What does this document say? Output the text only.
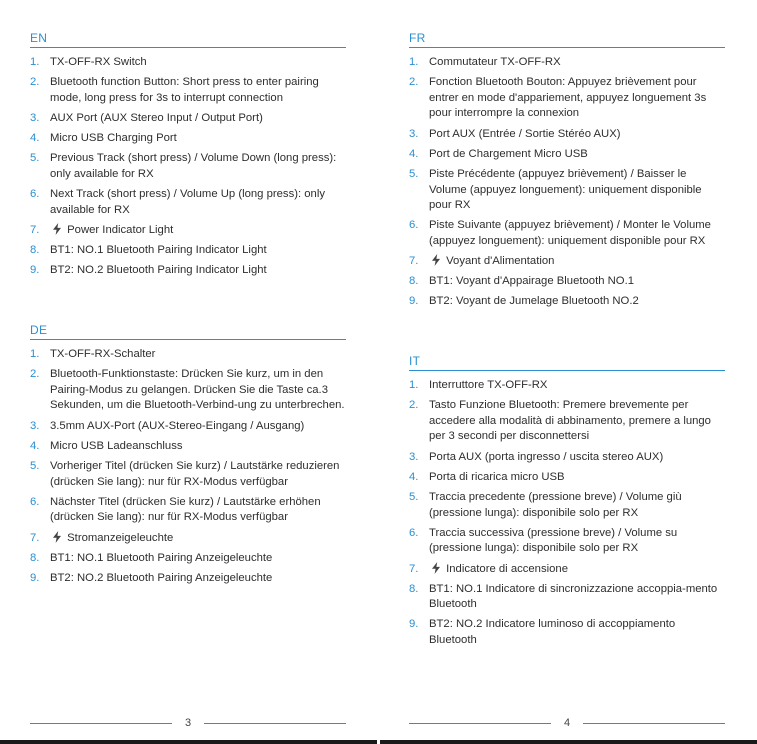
EN
1. TX-OFF-RX Switch
2. Bluetooth function Button: Short press to enter pairing mode, long press for 3s to interrupt connection
3. AUX Port (AUX Stereo Input / Output Port)
4. Micro USB Charging Port
5. Previous Track (short press) / Volume Down (long press): only available for RX
6. Next Track (short press) / Volume Up (long press): only available for RX
7. Power Indicator Light
8. BT1: NO.1 Bluetooth Pairing Indicator Light
9. BT2: NO.2 Bluetooth Pairing Indicator Light
DE
1. TX-OFF-RX-Schalter
2. Bluetooth-Funktionstaste: Drücken Sie kurz, um in den Pairing-Modus zu gelangen. Drücken Sie die Taste ca.3 Sekunden, um die Bluetooth-Verbind-ung zu unterbrechen.
3. 3.5mm AUX-Port (AUX-Stereo-Eingang / Ausgang)
4. Micro USB Ladeanschluss
5. Vorheriger Titel (drücken Sie kurz) / Lautstärke reduzieren (drücken Sie lang): nur für RX-Modus verfügbar
6. Nächster Titel (drücken Sie kurz) / Lautstärke erhöhen (drücken Sie lang): nur für RX-Modus verfügbar
7. Stromanzeigeleuchte
8. BT1: NO.1 Bluetooth Pairing Anzeigeleuchte
9. BT2: NO.2 Bluetooth Pairing Anzeigeleuchte
3
FR
1. Commutateur TX-OFF-RX
2. Fonction Bluetooth Bouton: Appuyez brièvement pour entrer en mode d'appariement, appuyez longuement 3s pour interrompre la connexion
3. Port AUX (Entrée / Sortie Stéréo AUX)
4. Port de Chargement Micro USB
5. Piste Précédente (appuyez brièvement) / Baisser le Volume (appuyez longuement): uniquement disponible pour RX
6. Piste Suivante (appuyez brièvement) / Monter le Volume (appuyez longuement): uniquement disponible pour RX
7. Voyant d'Alimentation
8. BT1: Voyant d'Appairage Bluetooth NO.1
9. BT2: Voyant de Jumelage Bluetooth NO.2
IT
1. Interruttore TX-OFF-RX
2. Tasto Funzione Bluetooth: Premere brevemente per accedere alla modalità di abbinamento, premere a lungo per 3 secondi per disconnettersi
3. Porta AUX (porta ingresso / uscita stereo AUX)
4. Porta di ricarica micro USB
5. Traccia precedente (pressione breve) / Volume giù (pressione lunga): disponibile solo per RX
6. Traccia successiva (pressione breve) / Volume su (pressione lunga): disponibile solo per RX
7. Indicatore di accensione
8. BT1: NO.1 Indicatore di sincronizzazione accoppia-mento Bluetooth
9. BT2: NO.2 Indicatore luminoso di accoppiamento Bluetooth
4
